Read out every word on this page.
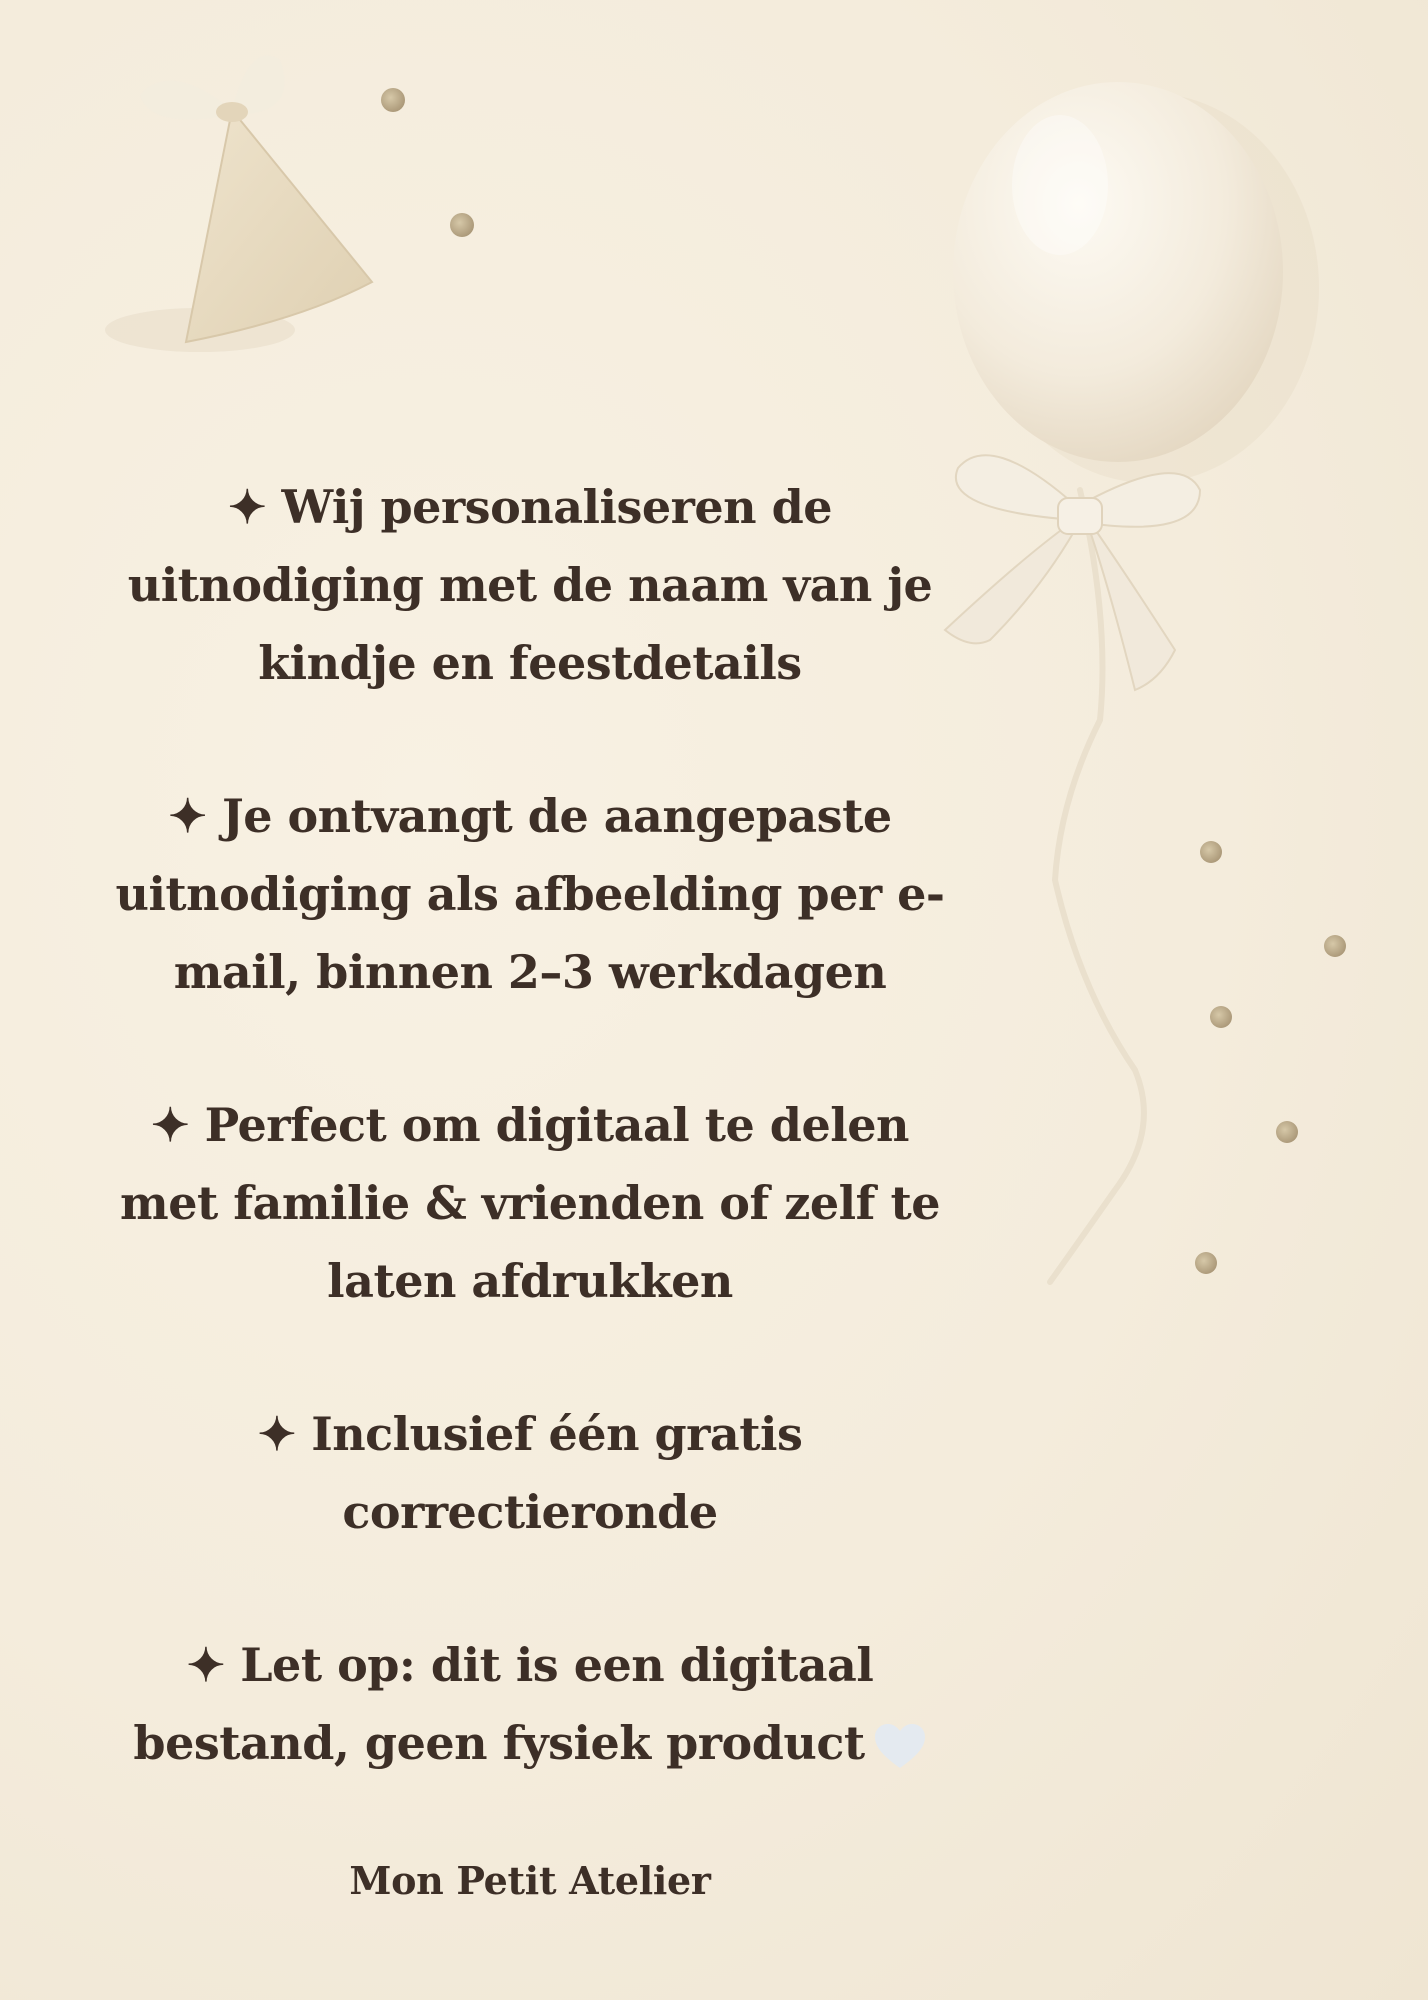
✦ Wij personaliseren de uitnodiging met de naam van je kindje en feestdetails

✦ Je ontvangt de aangepaste uitnodiging als afbeelding per e-mail, binnen 2–3 werkdagen

✦ Perfect om digitaal te delen met familie & vrienden of zelf te laten afdrukken

✦ Inclusief één gratis correctieronde

✦ Let op: dit is een digitaal bestand, geen fysiek product

Mon Petit Atelier
